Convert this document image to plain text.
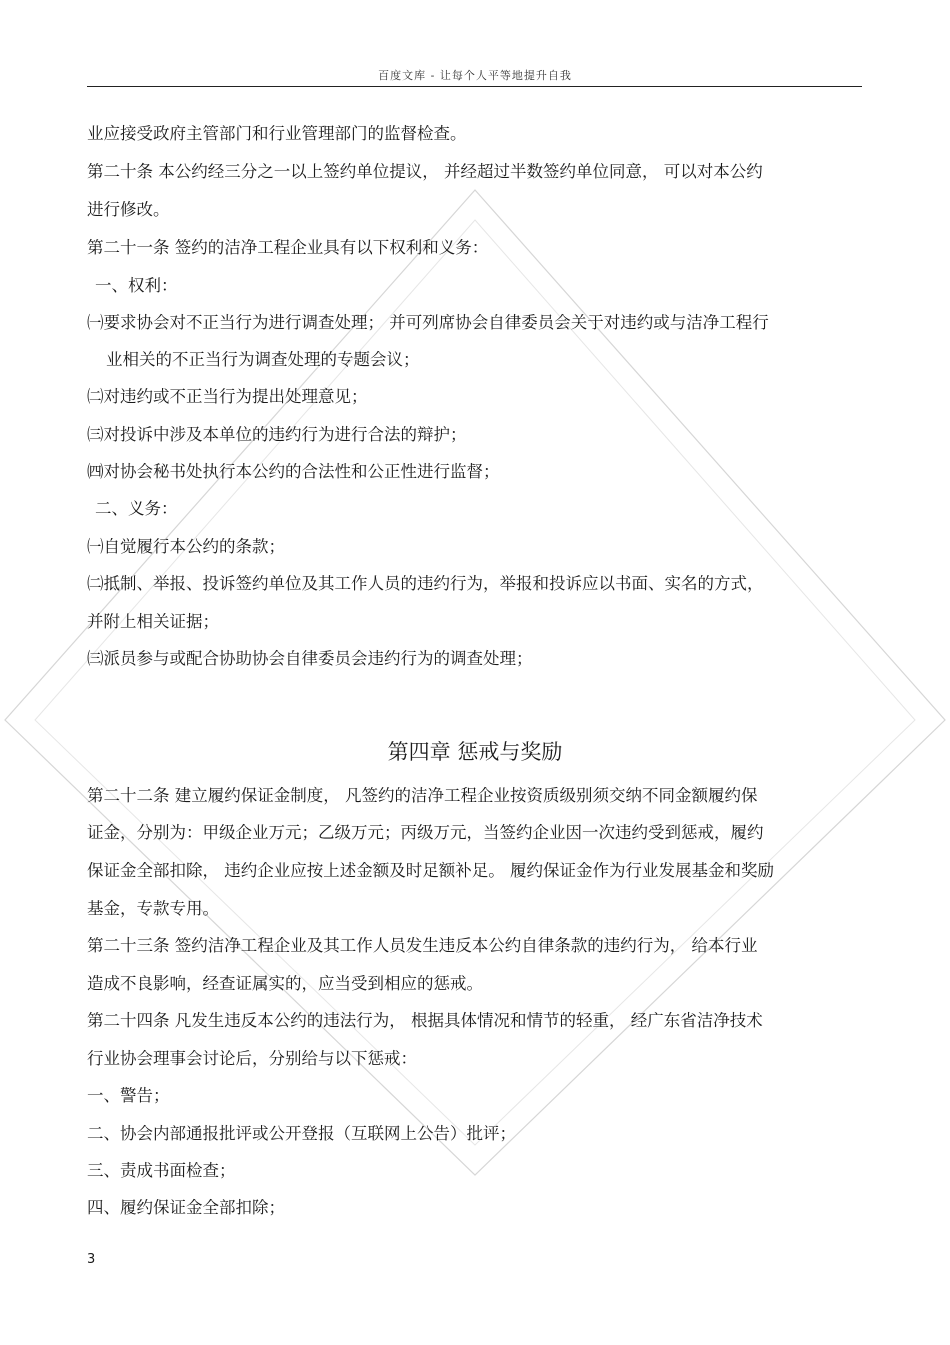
百度文库 - 让每个人平等地提升自我
业应接受政府主管部门和行业管理部门的监督检查。
第二十条 本公约经三分之一以上签约单位提议， 并经超过半数签约单位同意， 可以对本公约
进行修改。
第二十一条 签约的洁净工程企业具有以下权利和义务：
一、权利：
㈠要求协会对不正当行为进行调查处理； 并可列席协会自律委员会关于对违约或与洁净工程行
业相关的不正当行为调查处理的专题会议；
㈡对违约或不正当行为提出处理意见；
㈢对投诉中涉及本单位的违约行为进行合法的辩护；
㈣对协会秘书处执行本公约的合法性和公正性进行监督；
二、义务：
㈠自觉履行本公约的条款；
㈡抵制、举报、投诉签约单位及其工作人员的违约行为，举报和投诉应以书面、实名的方式，
并附上相关证据；
㈢派员参与或配合协助协会自律委员会违约行为的调查处理；
第四章 惩戒与奖励
第二十二条 建立履约保证金制度， 凡签约的洁净工程企业按资质级别须交纳不同金额履约保
证金，分别为：甲级企业万元；乙级万元；丙级万元，当签约企业因一次违约受到惩戒，履约
保证金全部扣除， 违约企业应按上述金额及时足额补足。 履约保证金作为行业发展基金和奖励
基金，专款专用。
第二十三条 签约洁净工程企业及其工作人员发生违反本公约自律条款的违约行为， 给本行业
造成不良影响，经查证属实的，应当受到相应的惩戒。
第二十四条 凡发生违反本公约的违法行为， 根据具体情况和情节的轻重， 经广东省洁净技术
行业协会理事会讨论后，分别给与以下惩戒：
一、警告；
二、协会内部通报批评或公开登报（互联网上公告）批评；
三、责成书面检查；
四、履约保证金全部扣除；
3
